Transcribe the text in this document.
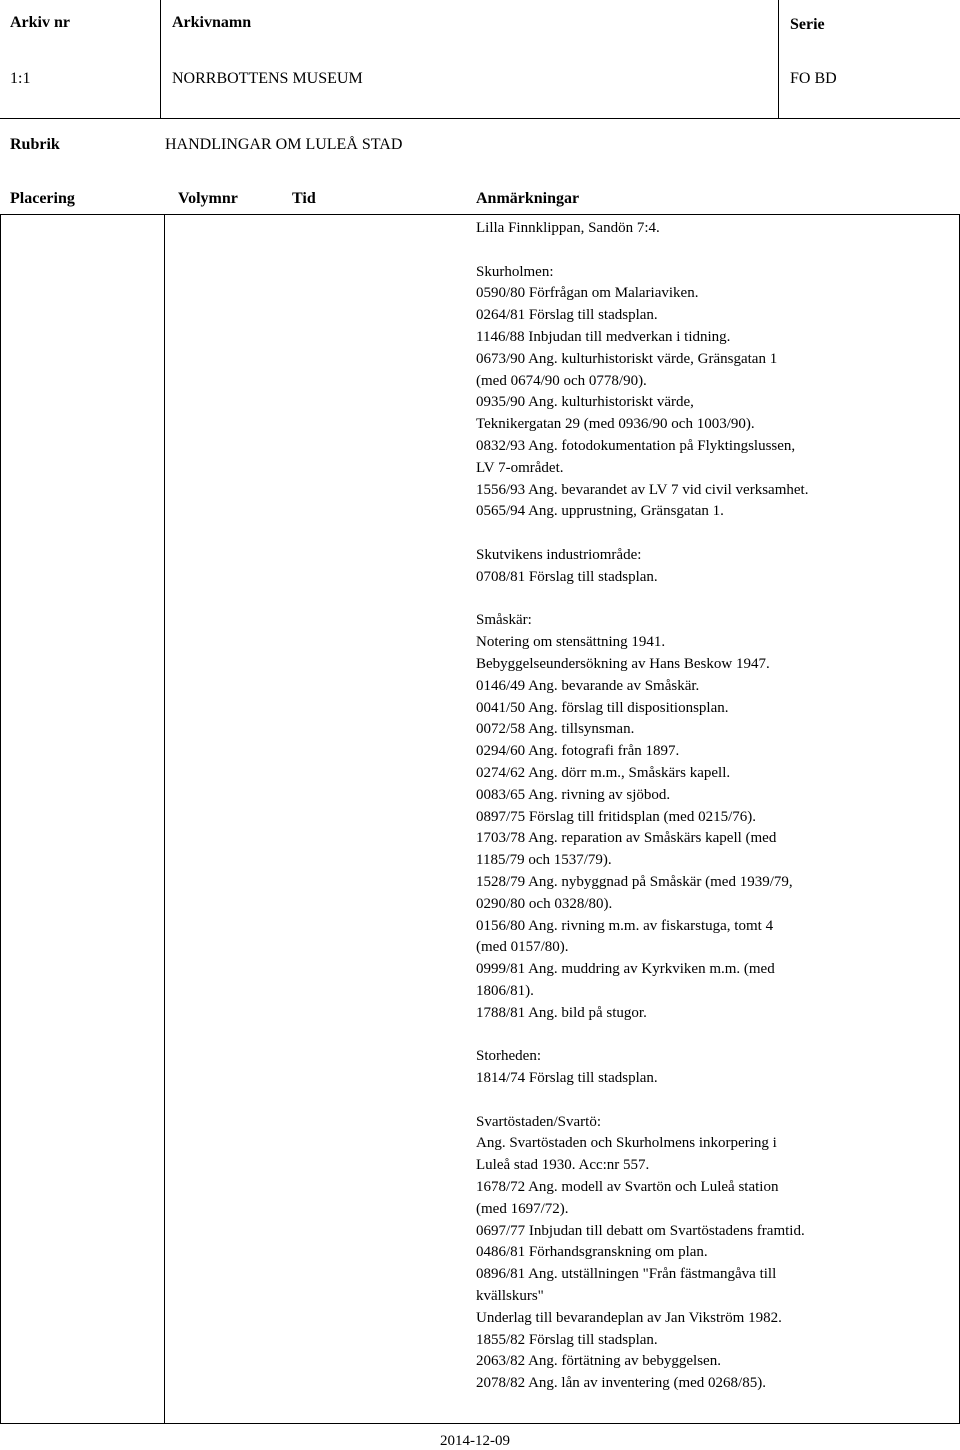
Arkiv nr	Arkivnamn	Serie
1:1	NORRBOTTENS MUSEUM	FO BD
Rubrik	HANDLINGAR OM LULEÅ STAD
Placering	Volymnr	Tid	Anmärkningar
Lilla Finnklippan, Sandön 7:4.
Skurholmen:
0590/80 Förfrågan om Malariaviken.
0264/81 Förslag till stadsplan.
1146/88 Inbjudan till medverkan i tidning.
0673/90 Ang. kulturhistoriskt värde, Gränsgatan 1
(med 0674/90 och 0778/90).
0935/90 Ang. kulturhistoriskt värde,
Teknikergatan 29 (med 0936/90 och 1003/90).
0832/93 Ang. fotodokumentation på Flyktingslussen,
LV 7-området.
1556/93 Ang. bevarandet av LV 7 vid civil verksamhet.
0565/94 Ang. upprustning, Gränsgatan 1.
Skutvikens industriområde:
0708/81 Förslag till stadsplan.
Småskär:
Notering om stensättning 1941.
Bebyggelseundersökning av Hans Beskow 1947.
0146/49 Ang. bevarande av Småskär.
0041/50 Ang. förslag till dispositionsplan.
0072/58 Ang. tillsynsman.
0294/60 Ang. fotografi från 1897.
0274/62 Ang. dörr m.m., Småskärs kapell.
0083/65 Ang. rivning av sjöbod.
0897/75 Förslag till fritidsplan (med 0215/76).
1703/78 Ang. reparation av Småskärs kapell (med
1185/79 och 1537/79).
1528/79 Ang. nybyggnad på Småskär (med 1939/79,
0290/80 och 0328/80).
0156/80 Ang. rivning m.m. av fiskarstuga, tomt 4
(med 0157/80).
0999/81 Ang. muddring av Kyrkviken m.m. (med
1806/81).
1788/81 Ang. bild på stugor.
Storheden:
1814/74 Förslag till stadsplan.
Svartöstaden/Svartö:
Ang. Svartöstaden och Skurholmens inkorpering i
Luleå stad 1930. Acc:nr 557.
1678/72 Ang. modell av Svartön och Luleå station
(med 1697/72).
0697/77 Inbjudan till debatt om Svartöstadens framtid.
0486/81 Förhandsgranskning om plan.
0896/81 Ang. utställningen "Från fästmangåva till
kvällskurs"
Underlag till bevarandeplan av Jan Vikström 1982.
1855/82 Förslag till stadsplan.
2063/82 Ang. förtätning av bebyggelsen.
2078/82 Ang. lån av inventering (med 0268/85).
2014-12-09
